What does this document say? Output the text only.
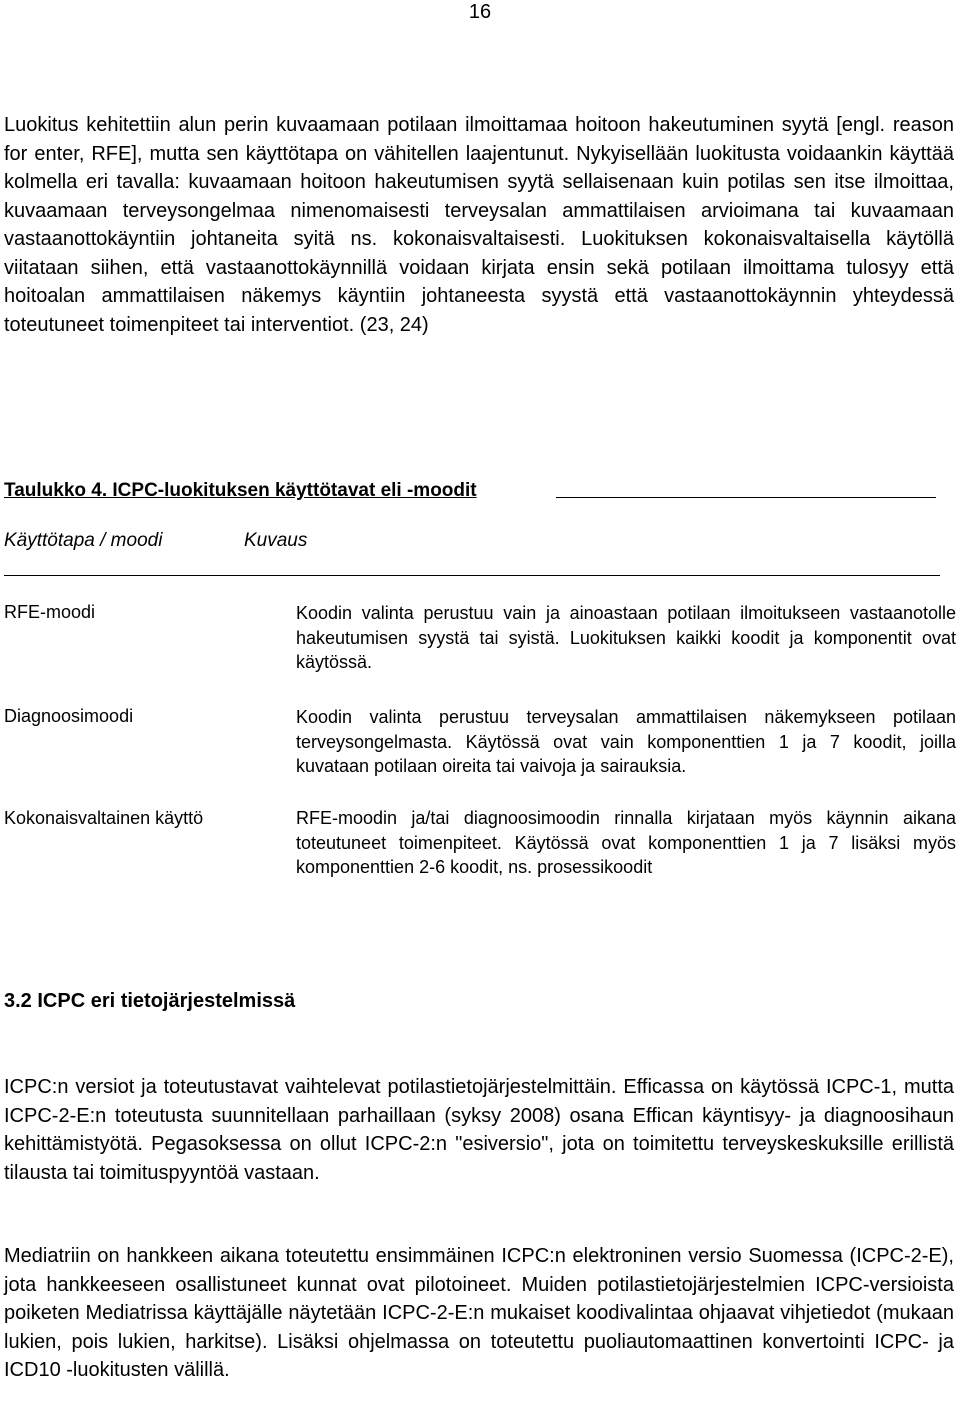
16

Luokitus kehitettiin alun perin kuvaamaan potilaan ilmoittamaa hoitoon hakeutuminen syytä [engl. reason for enter, RFE], mutta sen käyttötapa on vähitellen laajentunut. Nykyisellään luokitusta voidaankin käyttää kolmella eri tavalla: kuvaamaan hoitoon hakeutumisen syytä sellaisenaan kuin potilas sen itse ilmoittaa, kuvaamaan terveysongelmaa nimenomaisesti terveysalan ammattilaisen arvioimana tai kuvaamaan vastaanottokäyntiin johtaneita syitä ns. kokonaisvaltaisesti. Luokituksen kokonaisvaltaisella käytöllä viitataan siihen, että vastaanottokäynnillä voidaan kirjata ensin sekä potilaan ilmoittama tulosyy että hoitoalan ammattilaisen näkemys käyntiin johtaneesta syystä että vastaanottokäynnin yhteydessä toteutuneet toimenpiteet tai interventiot. (23, 24)

Taulukko 4. ICPC-luokituksen käyttötavat eli -moodit
Käyttötapa / moodi	Kuvaus
RFE-moodi	Koodin valinta perustuu vain ja ainoastaan potilaan ilmoitukseen vastaanotolle hakeutumisen syystä tai syistä. Luokituksen kaikki koodit ja komponentit ovat käytössä.
Diagnoosimoodi	Koodin valinta perustuu terveysalan ammattilaisen näkemykseen potilaan terveysongelmasta. Käytössä ovat vain komponenttien 1 ja 7 koodit, joilla kuvataan potilaan oireita tai vaivoja ja sairauksia.
Kokonaisvaltainen käyttö	RFE-moodin ja/tai diagnoosimoodin rinnalla kirjataan myös käynnin aikana toteutuneet toimenpiteet. Käytössä ovat komponenttien 1 ja 7 lisäksi myös komponenttien 2-6 koodit, ns. prosessikoodit
3.2 ICPC eri tietojärjestelmissä

ICPC:n versiot ja toteutustavat vaihtelevat potilastietojärjestelmittäin. Efficassa on käytössä ICPC-1, mutta ICPC-2-E:n toteutusta suunnitellaan parhaillaan (syksy 2008) osana Effican käyntisyy- ja diagnoosihaun kehittämistyötä. Pegasoksessa on ollut ICPC-2:n "esiversio", jota on toimitettu terveyskeskuksille erillistä tilausta tai toimituspyyntöä vastaan.

Mediatriin on hankkeen aikana toteutettu ensimmäinen ICPC:n elektroninen versio Suomessa (ICPC-2-E), jota hankkeeseen osallistuneet kunnat ovat pilotoineet. Muiden potilastietojärjestelmien ICPC-versioista poiketen Mediatrissa käyttäjälle näytetään ICPC-2-E:n mukaiset koodivalintaa ohjaavat vihjetiedot (mukaan lukien, pois lukien, harkitse). Lisäksi ohjelmassa on toteutettu puoliautomaattinen konvertointi ICPC- ja ICD10 -luokitusten välillä.
